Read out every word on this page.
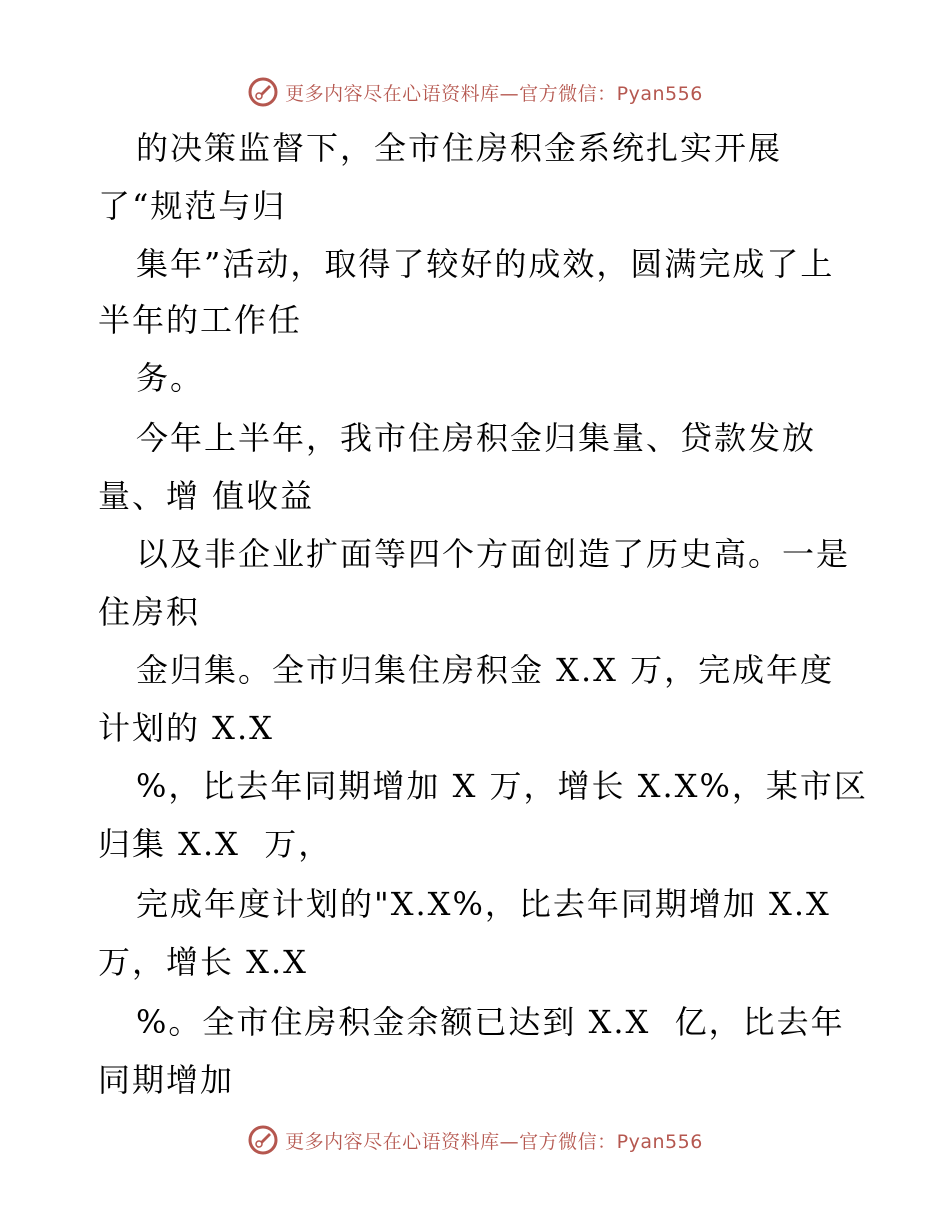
更多内容尽在心语资料库—官方微信：Pyan556
的决策监督下，全市住房积金系统扎实开展
了“规范与归
集年”活动，取得了较好的成效，圆满完成了上
半年的工作任
务。
今年上半年，我市住房积金归集量、贷款发放
量、增 值收益
以及非企业扩面等四个方面创造了历史高。一是
住房积
金归集。全市归集住房积金 X.X 万，完成年度
计划的 X.X
%，比去年同期增加 X 万，增长 X.X%，某市区
归集 X.X  万，
完成年度计划的"X.X%，比去年同期增加 X.X
万，增长 X.X
%。全市住房积金余额已达到 X.X  亿，比去年
同期增加
更多内容尽在心语资料库—官方微信：Pyan556
